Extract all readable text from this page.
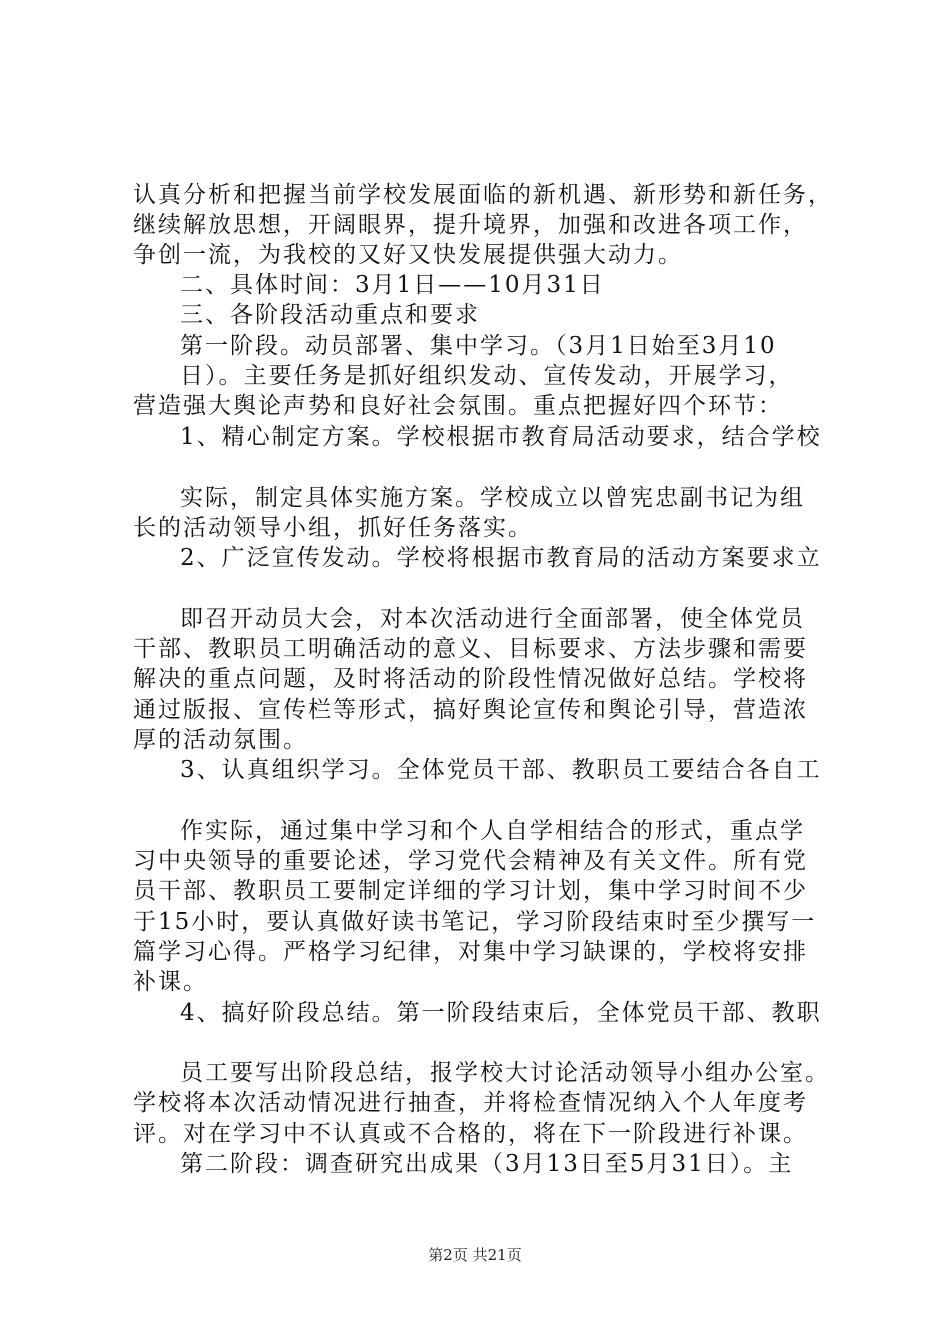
认真分析和把握当前学校发展面临的新机遇、新形势和新任务，
继续解放思想，开阔眼界，提升境界，加强和改进各项工作，
争创一流，为我校的又好又快发展提供强大动力。
二、具体时间：3月1日——10月31日
三、各阶段活动重点和要求
第一阶段。动员部署、集中学习。（3月1日始至3月10
日）。主要任务是抓好组织发动、宣传发动，开展学习，
营造强大舆论声势和良好社会氛围。重点把握好四个环节：
1、精心制定方案。学校根据市教育局活动要求，结合学校
实际，制定具体实施方案。学校成立以曾宪忠副书记为组
长的活动领导小组，抓好任务落实。
2、广泛宣传发动。学校将根据市教育局的活动方案要求立
即召开动员大会，对本次活动进行全面部署，使全体党员
干部、教职员工明确活动的意义、目标要求、方法步骤和需要
解决的重点问题，及时将活动的阶段性情况做好总结。学校将
通过版报、宣传栏等形式，搞好舆论宣传和舆论引导，营造浓
厚的活动氛围。
3、认真组织学习。全体党员干部、教职员工要结合各自工
作实际，通过集中学习和个人自学相结合的形式，重点学
习中央领导的重要论述，学习党代会精神及有关文件。所有党
员干部、教职员工要制定详细的学习计划，集中学习时间不少
于15小时，要认真做好读书笔记，学习阶段结束时至少撰写一
篇学习心得。严格学习纪律，对集中学习缺课的，学校将安排
补课。
4、搞好阶段总结。第一阶段结束后，全体党员干部、教职
员工要写出阶段总结，报学校大讨论活动领导小组办公室。
学校将本次活动情况进行抽查，并将检查情况纳入个人年度考
评。对在学习中不认真或不合格的，将在下一阶段进行补课。
第二阶段：调查研究出成果（3月13日至5月31日）。主
第2页 共21页
